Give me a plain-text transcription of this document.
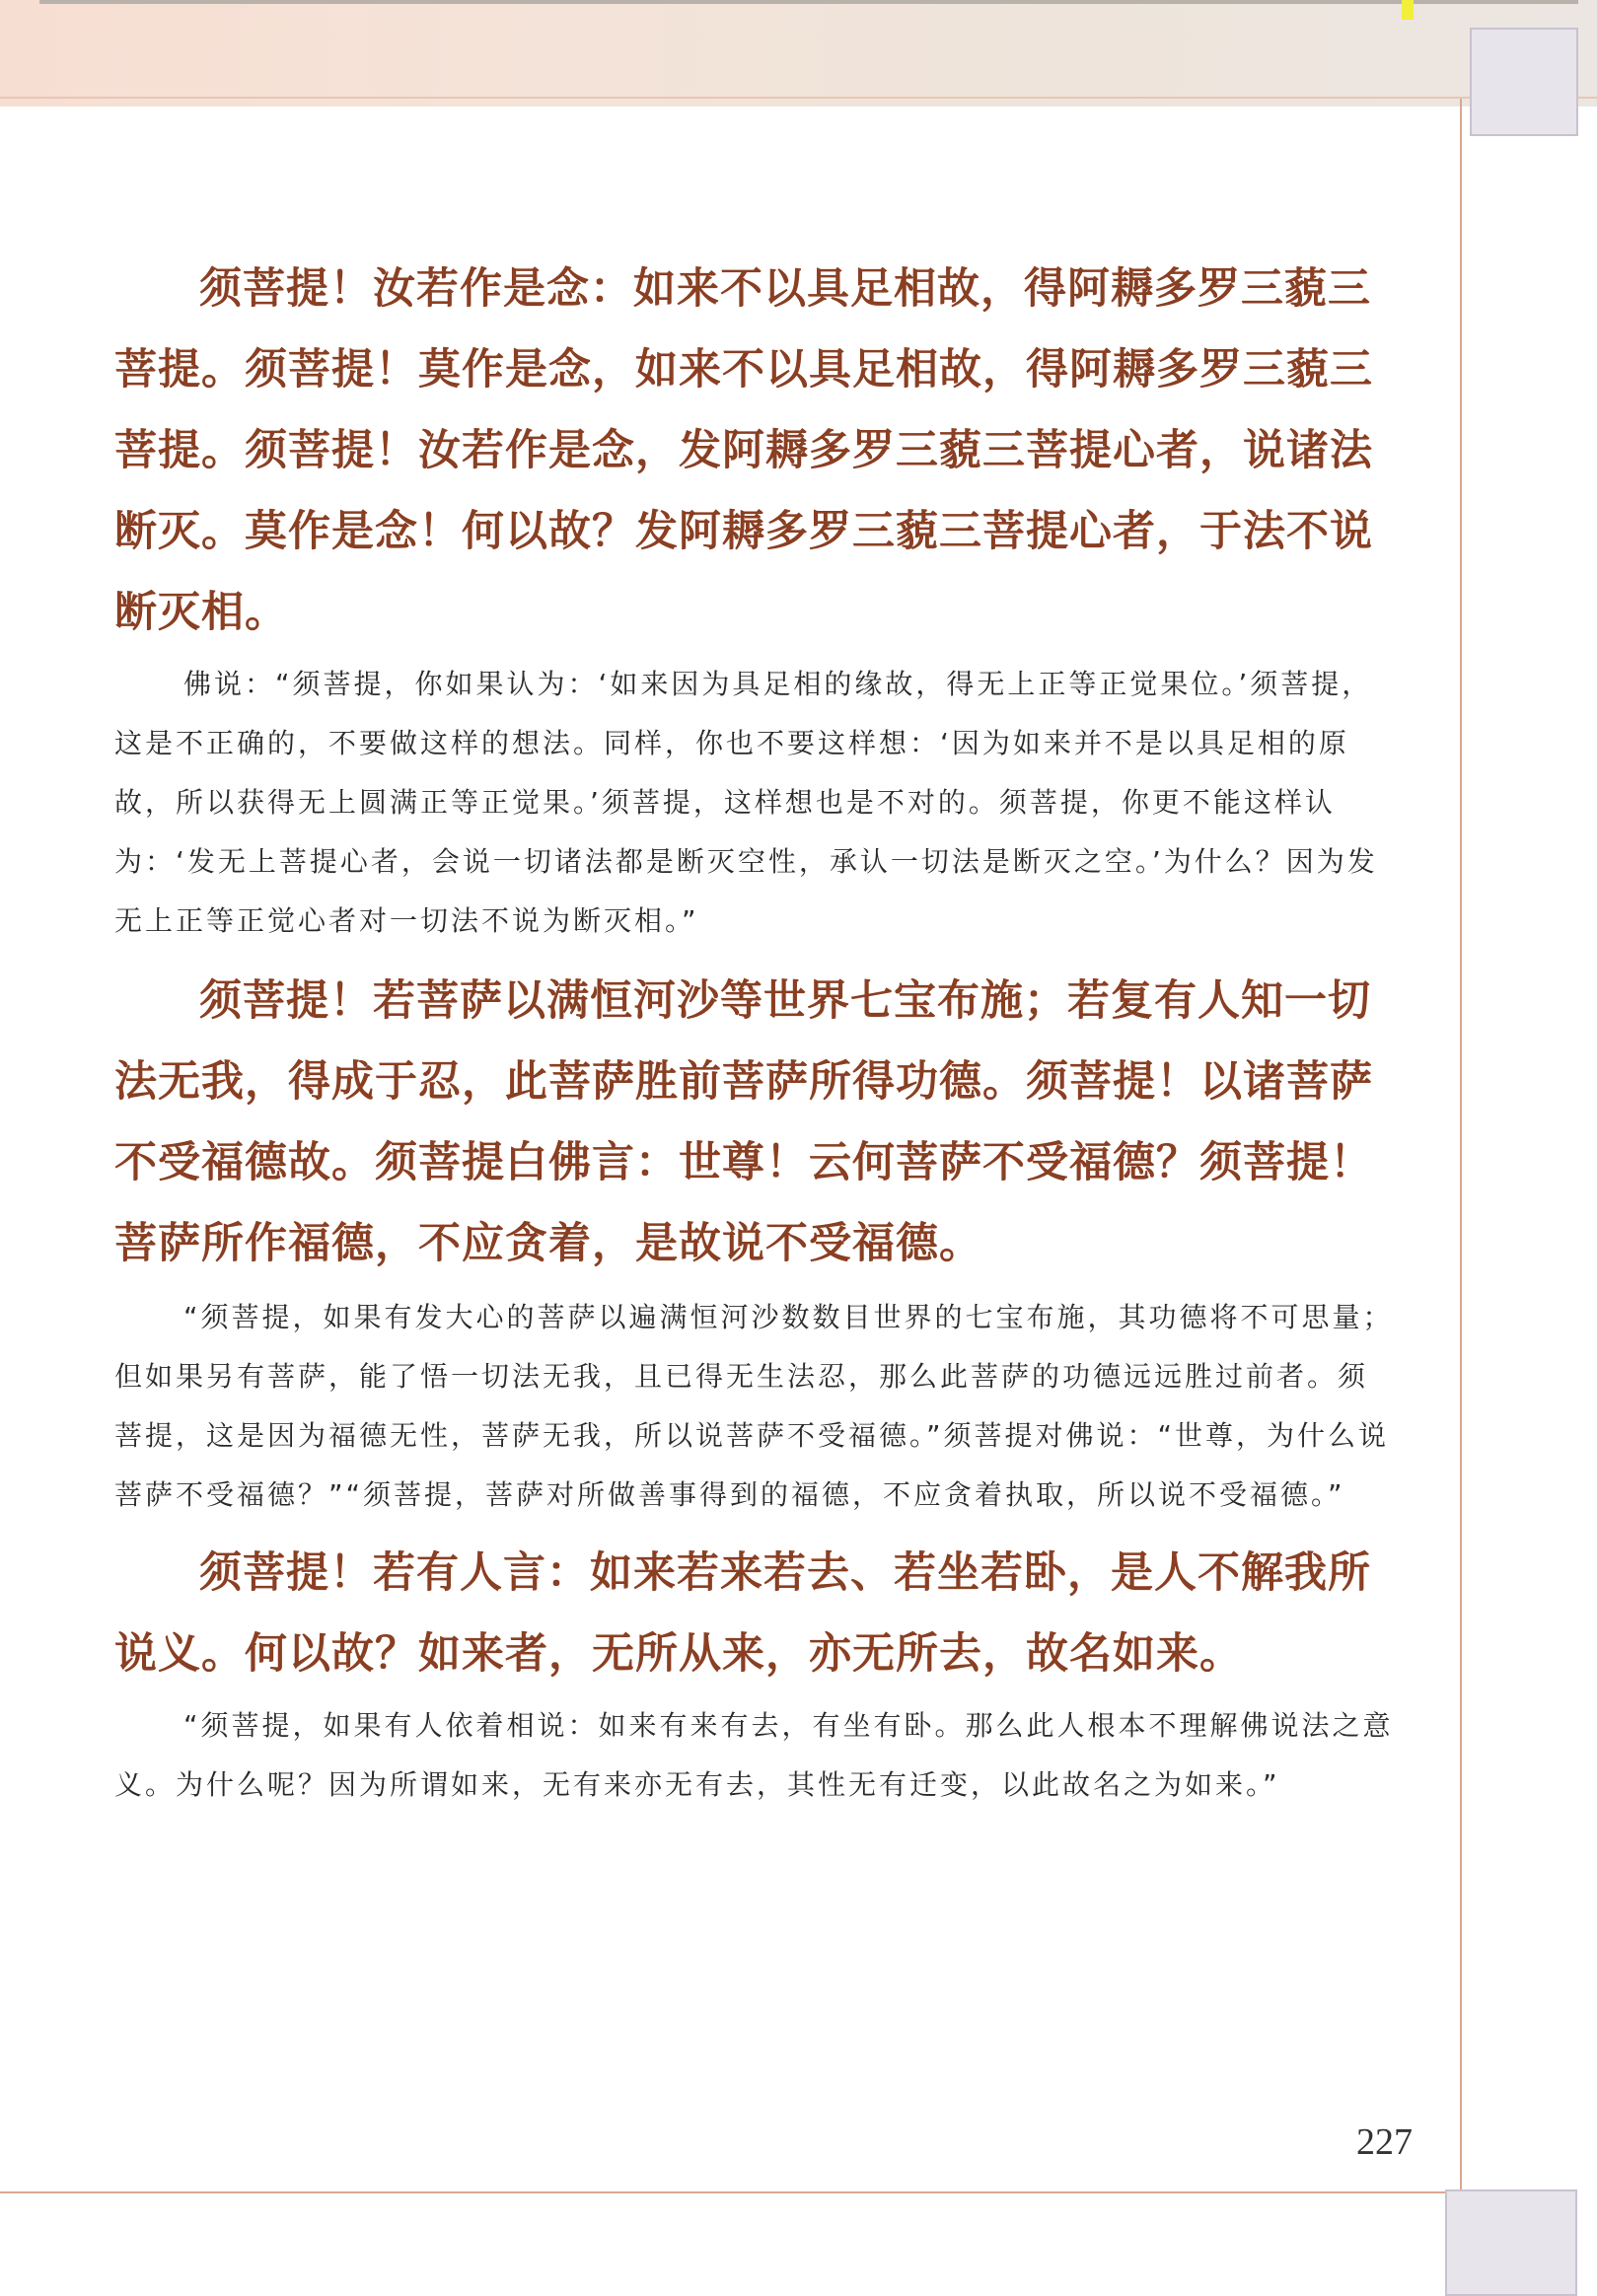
须菩提！汝若作是念：如来不以具足相故，得阿耨多罗三藐三菩提。须菩提！莫作是念，如来不以具足相故，得阿耨多罗三藐三菩提。须菩提！汝若作是念，发阿耨多罗三藐三菩提心者，说诸法断灭。莫作是念！何以故？发阿耨多罗三藐三菩提心者，于法不说断灭相。

佛说：“须菩提，你如果认为：‘如来因为具足相的缘故，得无上正等正觉果位。’须菩提，这是不正确的，不要做这样的想法。同样，你也不要这样想：‘因为如来并不是以具足相的原故，所以获得无上圆满正等正觉果。’须菩提，这样想也是不对的。须菩提，你更不能这样认为：‘发无上菩提心者，会说一切诸法都是断灭空性，承认一切法是断灭之空。’为什么？因为发无上正等正觉心者对一切法不说为断灭相。”

须菩提！若菩萨以满恒河沙等世界七宝布施；若复有人知一切法无我，得成于忍，此菩萨胜前菩萨所得功德。须菩提！以诸菩萨不受福德故。须菩提白佛言：世尊！云何菩萨不受福德？须菩提！菩萨所作福德，不应贪着，是故说不受福德。

“须菩提，如果有发大心的菩萨以遍满恒河沙数数目世界的七宝布施，其功德将不可思量；但如果另有菩萨，能了悟一切法无我，且已得无生法忍，那么此菩萨的功德远远胜过前者。须菩提，这是因为福德无性，菩萨无我，所以说菩萨不受福德。”须菩提对佛说：“世尊，为什么说菩萨不受福德？”“须菩提，菩萨对所做善事得到的福德，不应贪着执取，所以说不受福德。”

须菩提！若有人言：如来若来若去、若坐若卧，是人不解我所说义。何以故？如来者，无所从来，亦无所去，故名如来。

“须菩提，如果有人依着相说：如来有来有去，有坐有卧。那么此人根本不理解佛说法之意义。为什么呢？因为所谓如来，无有来亦无有去，其性无有迁变，以此故名之为如来。”

227
